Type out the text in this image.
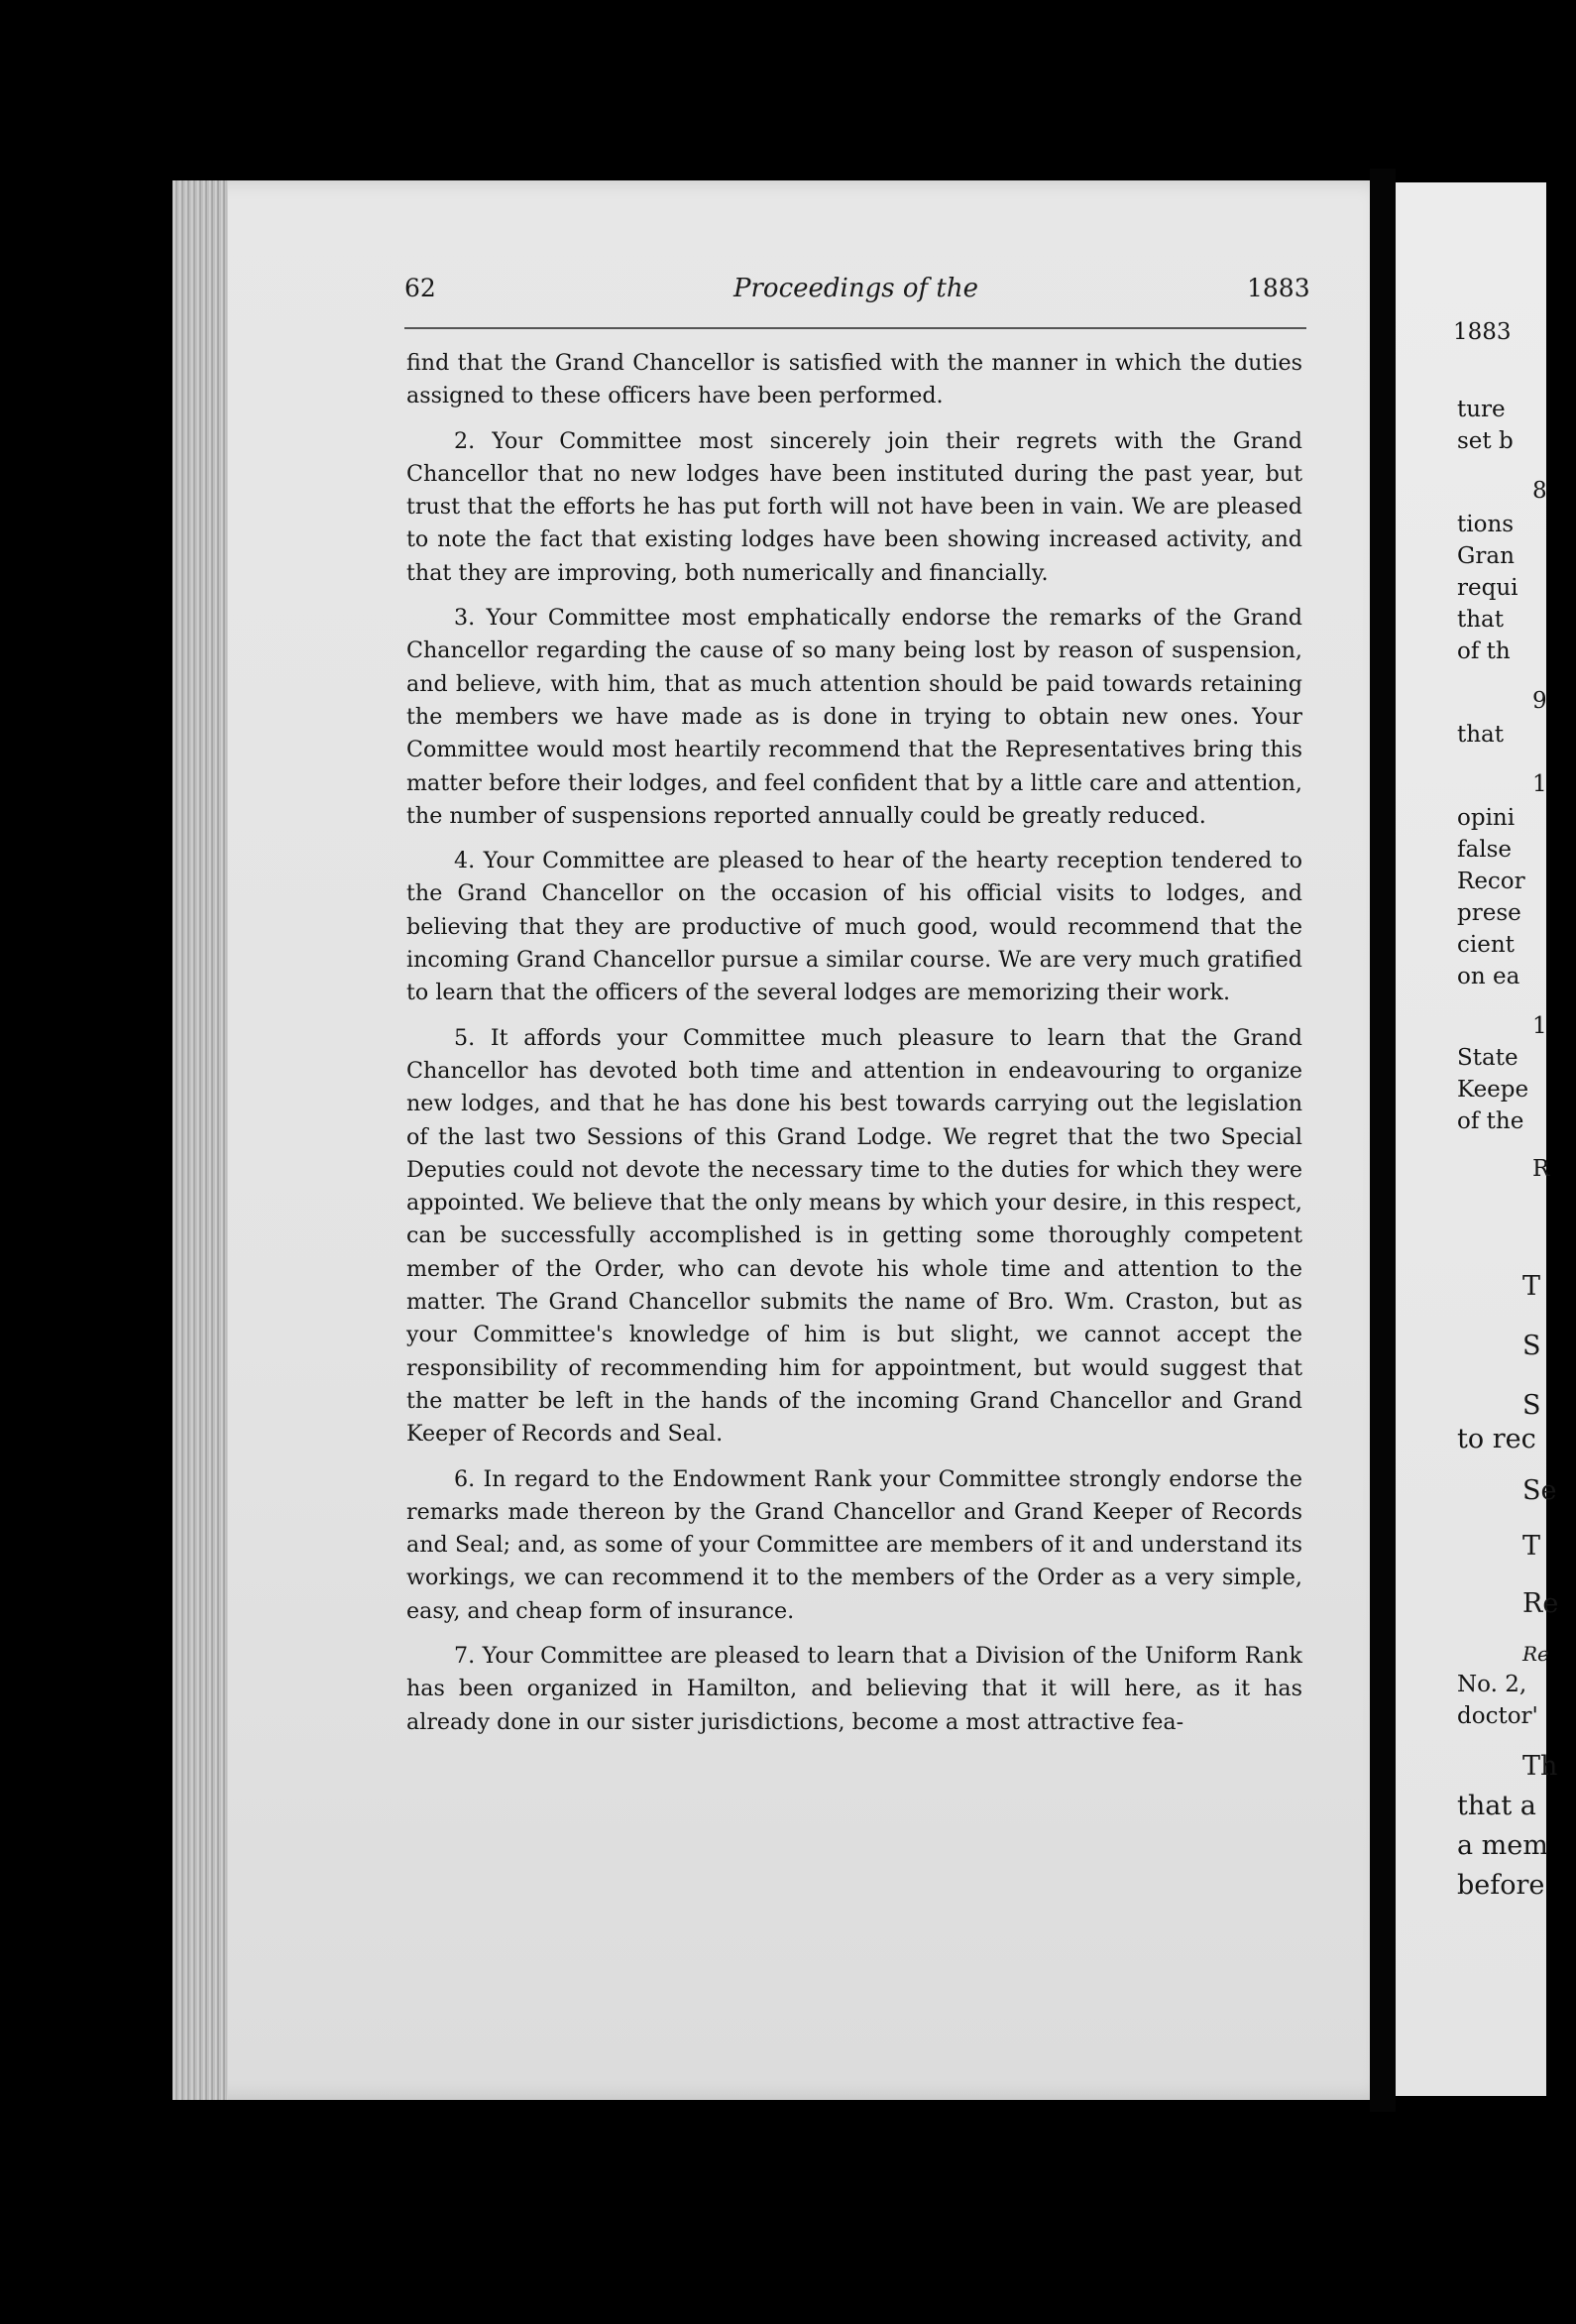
62	Proceedings of the	1883

find that the Grand Chancellor is satisfied with the manner in which the duties assigned to these officers have been performed.

2. Your Committee most sincerely join their regrets with the Grand Chancellor that no new lodges have been instituted during the past year, but trust that the efforts he has put forth will not have been in vain. We are pleased to note the fact that existing lodges have been showing increased activity, and that they are improving, both numerically and financially.

3. Your Committee most emphatically endorse the remarks of the Grand Chancellor regarding the cause of so many being lost by reason of suspension, and believe, with him, that as much attention should be paid towards retaining the members we have made as is done in trying to obtain new ones. Your Committee would most heartily recommend that the Representatives bring this matter before their lodges, and feel confident that by a little care and attention, the number of suspensions reported annually could be greatly reduced.

4. Your Committee are pleased to hear of the hearty reception tendered to the Grand Chancellor on the occasion of his official visits to lodges, and believing that they are productive of much good, would recommend that the incoming Grand Chancellor pursue a similar course. We are very much gratified to learn that the officers of the several lodges are memorizing their work.

5. It affords your Committee much pleasure to learn that the Grand Chancellor has devoted both time and attention in endeavouring to organize new lodges, and that he has done his best towards carrying out the legislation of the last two Sessions of this Grand Lodge. We regret that the two Special Deputies could not devote the necessary time to the duties for which they were appointed. We believe that the only means by which your desire, in this respect, can be successfully accomplished is in getting some thoroughly competent member of the Order, who can devote his whole time and attention to the matter. The Grand Chancellor submits the name of Bro. Wm. Craston, but as your Committee's knowledge of him is but slight, we cannot accept the responsibility of recommending him for appointment, but would suggest that the matter be left in the hands of the incoming Grand Chancellor and Grand Keeper of Records and Seal.

6. In regard to the Endowment Rank your Committee strongly endorse the remarks made thereon by the Grand Chancellor and Grand Keeper of Records and Seal; and, as some of your Committee are members of it and understand its workings, we can recommend it to the members of the Order as a very simple, easy, and cheap form of insurance.

7. Your Committee are pleased to learn that a Division of the Uniform Rank has been organized in Hamilton, and believing that it will here, as it has already done in our sister jurisdictions, become a most attractive fea-

1883
ture
set b
8
tions
Gran
requi
that
of th
9
that
1
opini
false
Recor
prese
cient
on ea
1
State
Keepe
of the
R
T
S
S
to rec
Se
T
Re
Re
No. 2,
doctor'
Th
that a
a mem
before
